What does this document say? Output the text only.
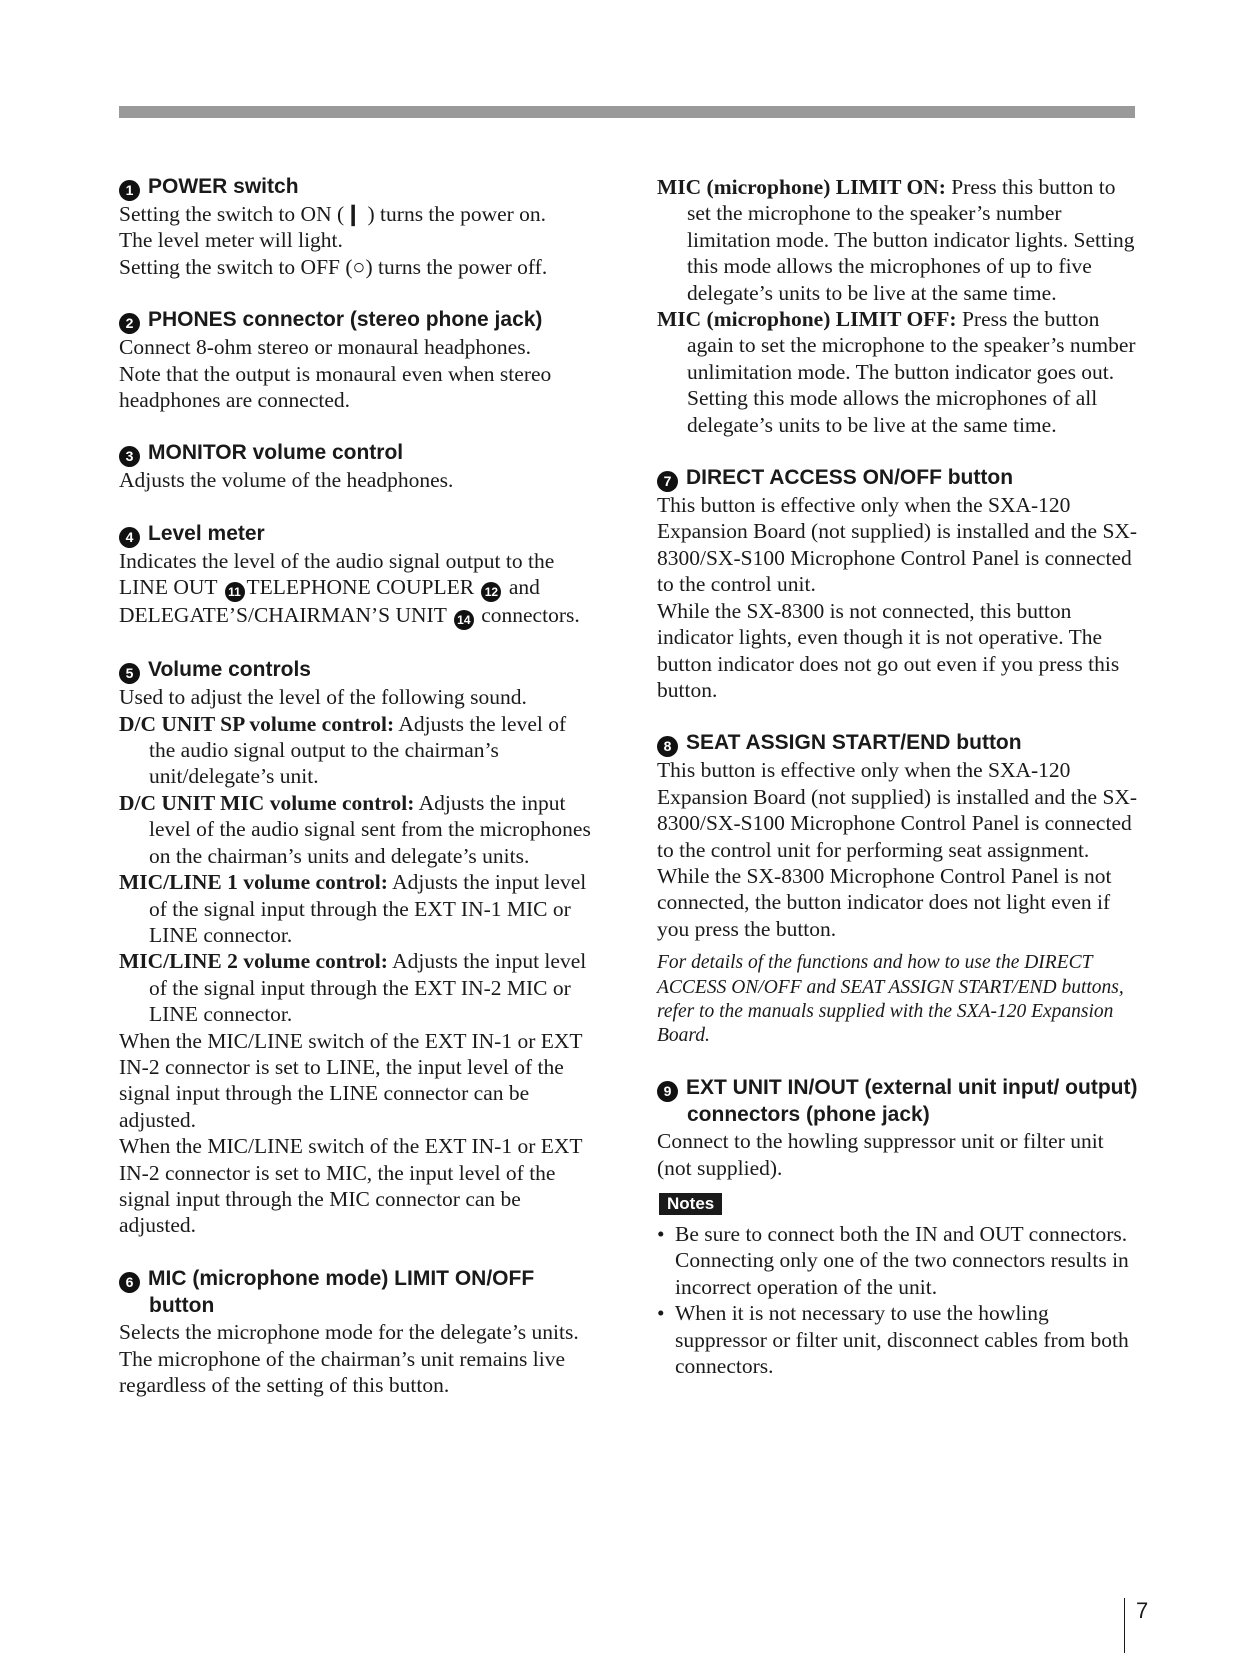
1 POWER switch

Setting the switch to ON (❙ ) turns the power on.

The level meter will light.

Setting the switch to OFF (○) turns the power off.

2 PHONES connector (stereo phone jack)

Connect 8-ohm stereo or monaural headphones.

Note that the output is monaural even when stereo headphones are connected.

3 MONITOR volume control

Adjusts the volume of the headphones.

4 Level meter

Indicates the level of the audio signal output to the LINE OUT 11 TELEPHONE COUPLER 12 and DELEGATE’S/CHAIRMAN’S UNIT 14 connectors.

5 Volume controls

Used to adjust the level of the following sound.

D/C UNIT SP volume control: Adjusts the level of the audio signal output to the chairman’s unit/delegate’s unit.

D/C UNIT MIC volume control: Adjusts the input level of the audio signal sent from the microphones on the chairman’s units and delegate’s units.

MIC/LINE 1 volume control: Adjusts the input level of the signal input through the EXT IN-1 MIC or LINE connector.

MIC/LINE 2 volume control: Adjusts the input level of the signal input through the EXT IN-2 MIC or LINE connector.

When the MIC/LINE switch of the EXT IN-1 or EXT IN-2 connector is set to LINE, the input level of the signal input through the LINE connector can be adjusted.

When the MIC/LINE switch of the EXT IN-1 or EXT IN-2 connector is set to MIC, the input level of the signal input through the MIC connector can be adjusted.

6 MIC (microphone mode) LIMIT ON/OFF button

Selects the microphone mode for the delegate’s units.

The microphone of the chairman’s unit remains live regardless of the setting of this button.

MIC (microphone) LIMIT ON: Press this button to set the microphone to the speaker’s number limitation mode. The button indicator lights. Setting this mode allows the microphones of up to five delegate’s units to be live at the same time.

MIC (microphone) LIMIT OFF: Press the button again to set the microphone to the speaker’s number unlimitation mode. The button indicator goes out. Setting this mode allows the microphones of all delegate’s units to be live at the same time.

7 DIRECT ACCESS ON/OFF button

This button is effective only when the SXA-120 Expansion Board (not supplied) is installed and the SX-8300/SX-S100 Microphone Control Panel is connected to the control unit.

While the SX-8300 is not connected, this button indicator lights, even though it is not operative. The button indicator does not go out even if you press this button.

8 SEAT ASSIGN START/END button

This button is effective only when the SXA-120 Expansion Board (not supplied) is installed and the SX-8300/SX-S100 Microphone Control Panel is connected to the control unit for performing seat assignment.

While the SX-8300 Microphone Control Panel is not connected, the button indicator does not light even if you press the button.

For details of the functions and how to use the DIRECT ACCESS ON/OFF and SEAT ASSIGN START/END buttons, refer to the manuals supplied with the SXA-120 Expansion Board.

9 EXT UNIT IN/OUT (external unit input/ output) connectors (phone jack)

Connect to the howling suppressor unit or filter unit (not supplied).

Notes

• Be sure to connect both the IN and OUT connectors. Connecting only one of the two connectors results in incorrect operation of the unit.

• When it is not necessary to use the howling suppressor or filter unit, disconnect cables from both connectors.

7
